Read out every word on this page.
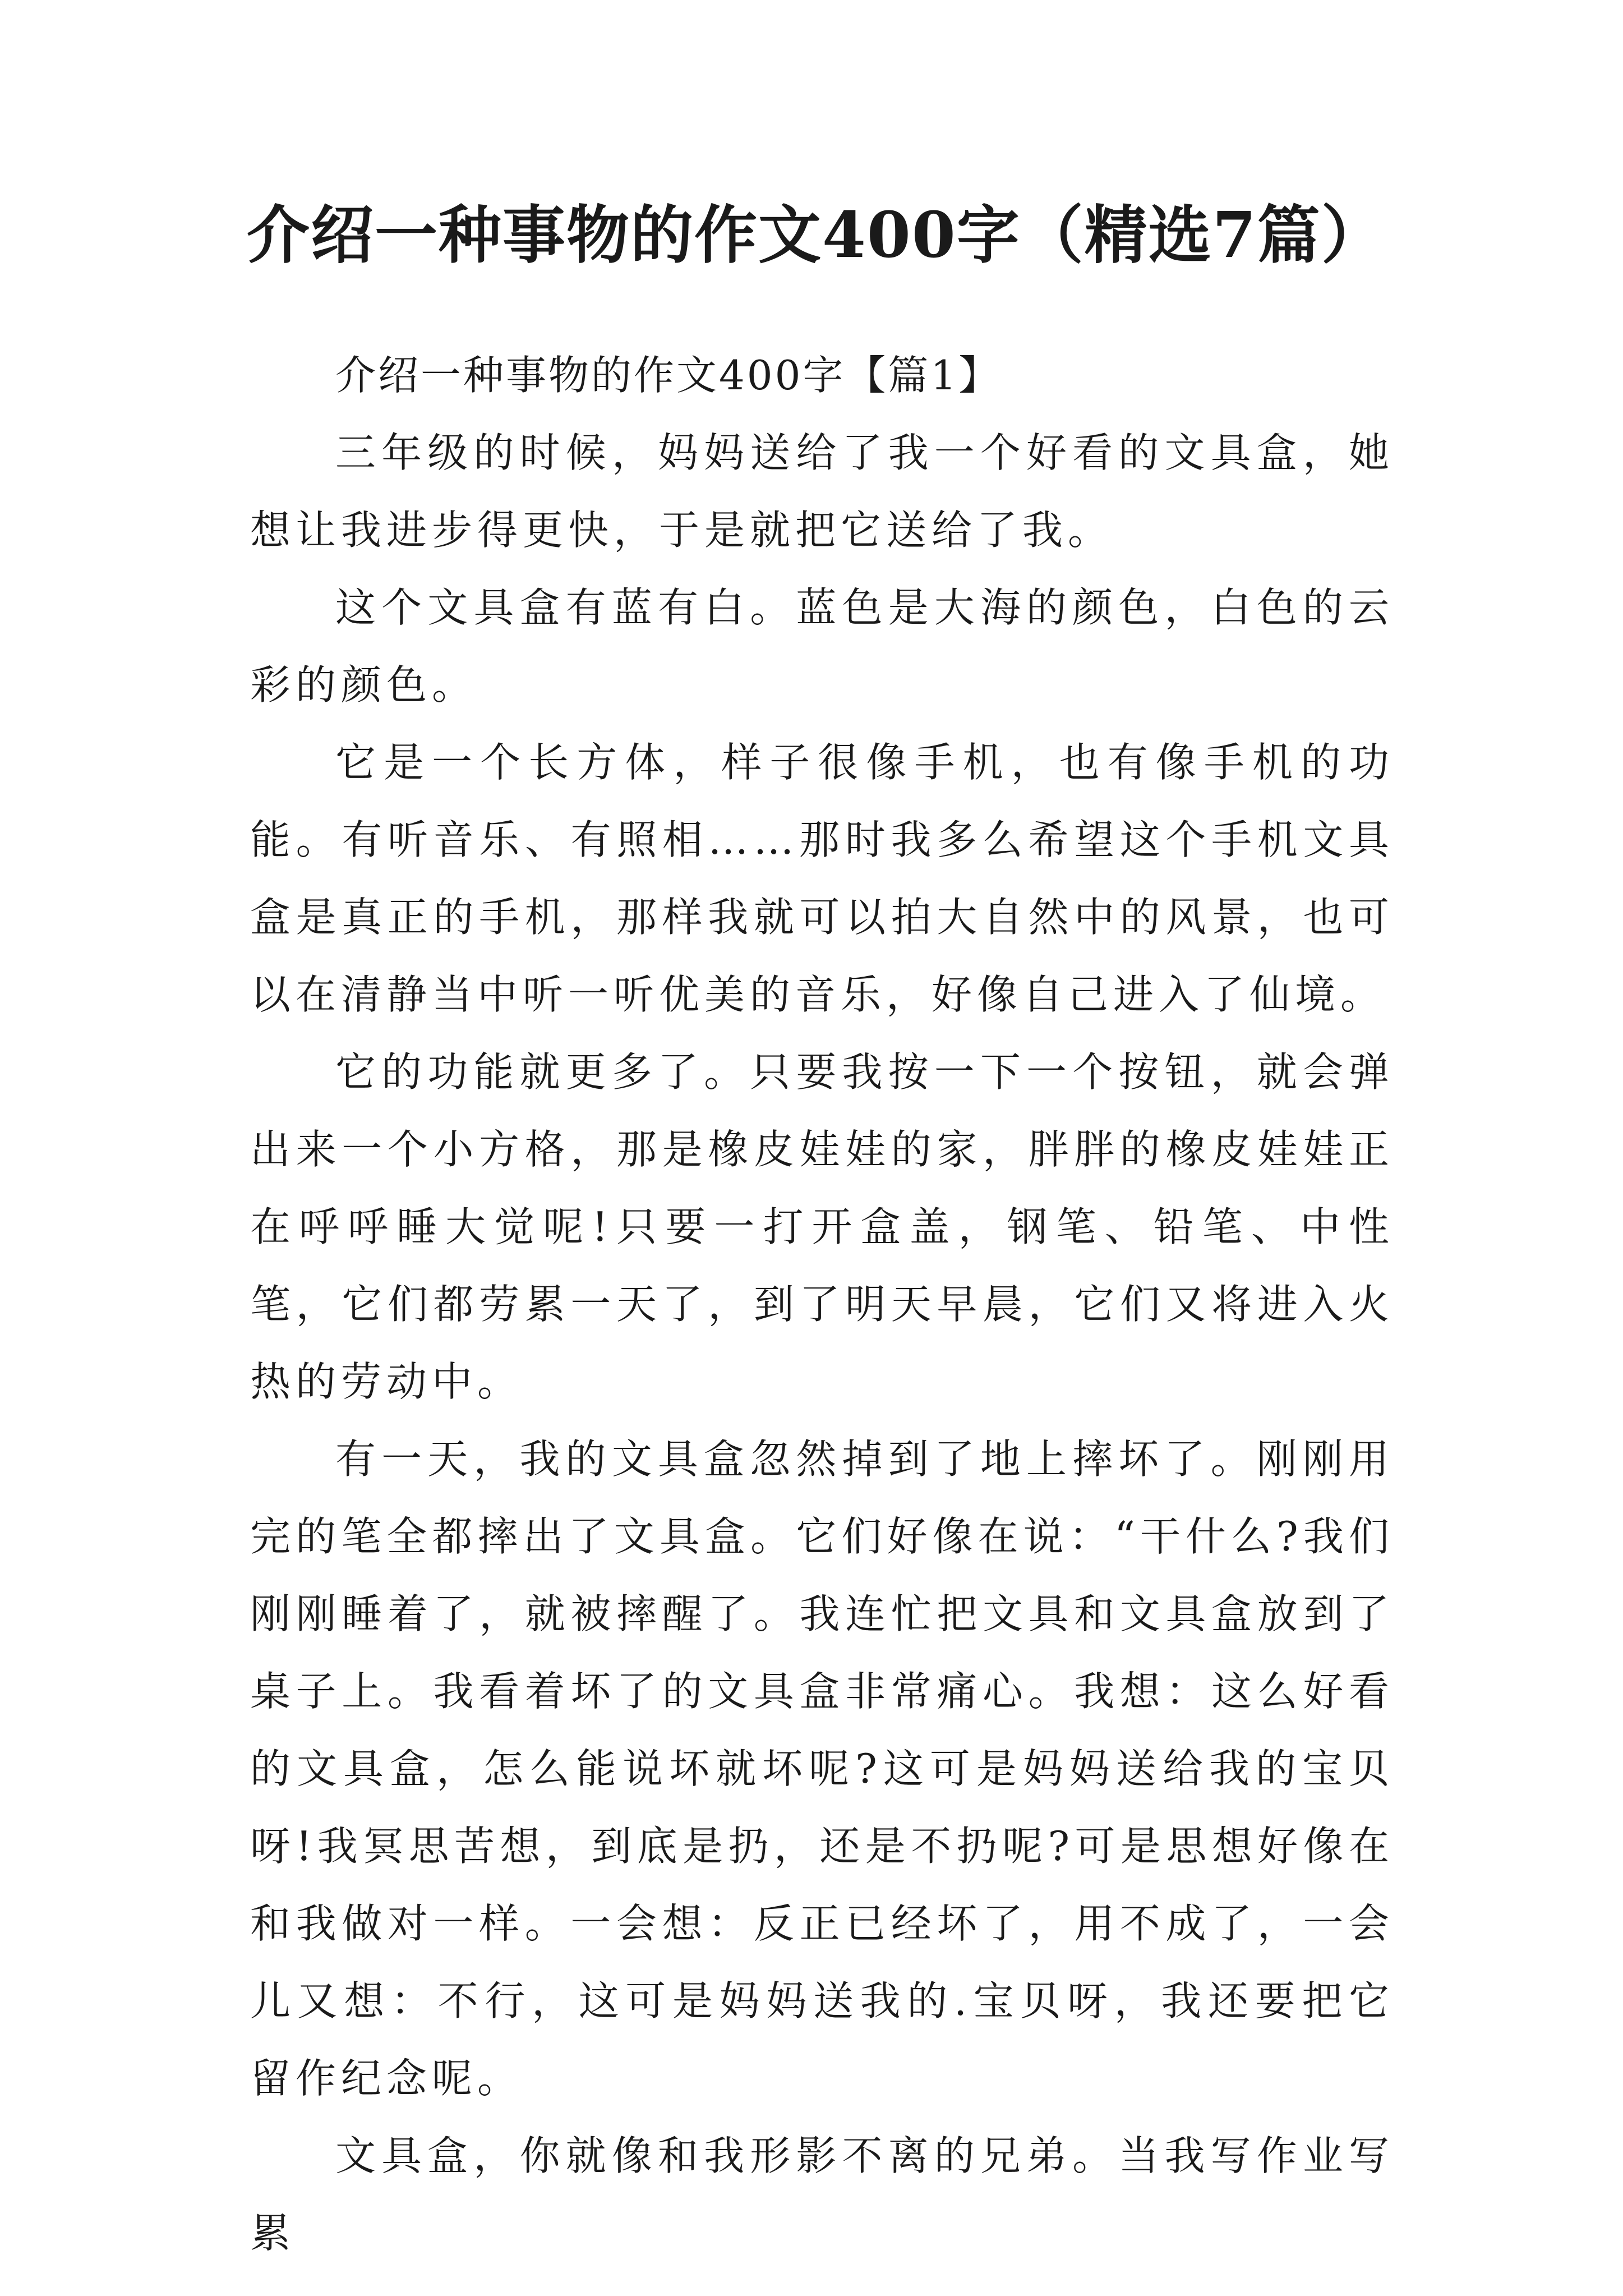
介绍一种事物的作文400字（精选7篇）
介绍一种事物的作文400字【篇1】

三年级的时候，妈妈送给了我一个好看的文具盒，她想让我进步得更快，于是就把它送给了我。

这个文具盒有蓝有白。蓝色是大海的颜色，白色的云彩的颜色。

它是一个长方体，样子很像手机，也有像手机的功能。有听音乐、有照相……那时我多么希望这个手机文具盒是真正的手机，那样我就可以拍大自然中的风景，也可以在清静当中听一听优美的音乐，好像自己进入了仙境。

它的功能就更多了。只要我按一下一个按钮，就会弹出来一个小方格，那是橡皮娃娃的家，胖胖的橡皮娃娃正在呼呼睡大觉呢!只要一打开盒盖，钢笔、铅笔、中性笔，它们都劳累一天了，到了明天早晨，它们又将进入火热的劳动中。

有一天，我的文具盒忽然掉到了地上摔坏了。刚刚用完的笔全都摔出了文具盒。它们好像在说：“干什么?我们刚刚睡着了，就被摔醒了。我连忙把文具和文具盒放到了桌子上。我看着坏了的文具盒非常痛心。我想：这么好看的文具盒，怎么能说坏就坏呢?这可是妈妈送给我的宝贝呀!我冥思苦想，到底是扔，还是不扔呢?可是思想好像在和我做对一样。一会想：反正已经坏了，用不成了，一会儿又想：不行，这可是妈妈送我的.宝贝呀，我还要把它留作纪念呢。

文具盒，你就像和我形影不离的兄弟。当我写作业写累
